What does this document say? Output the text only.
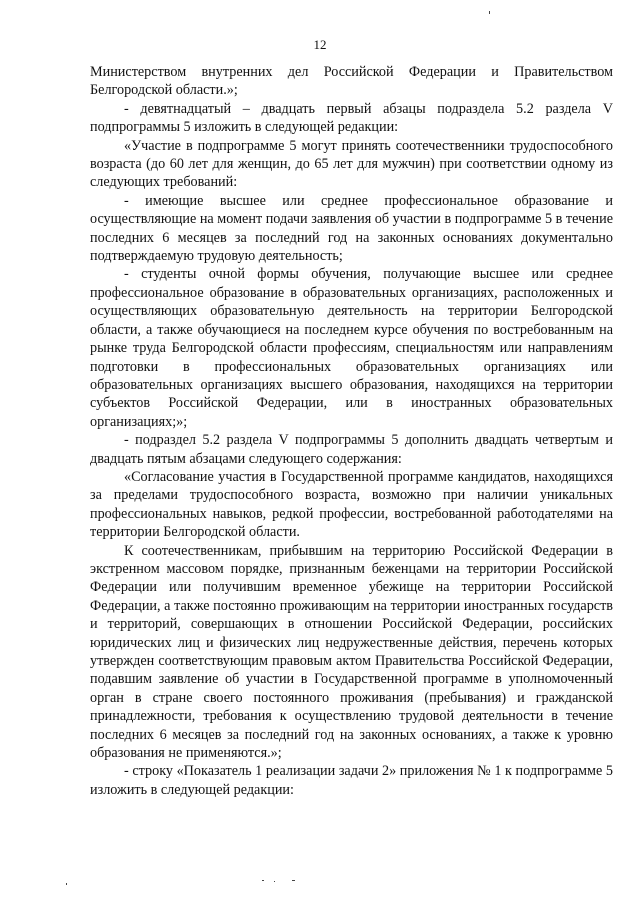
12

Министерством внутренних дел Российской Федерации и Правительством Белгородской области.»;

- девятнадцатый – двадцать первый абзацы подраздела 5.2 раздела V подпрограммы 5 изложить в следующей редакции:

«Участие в подпрограмме 5 могут принять соотечественники трудоспособного возраста (до 60 лет для женщин, до 65 лет для мужчин) при соответствии одному из следующих требований:

- имеющие высшее или среднее профессиональное образование и осуществляющие на момент подачи заявления об участии в подпрограмме 5 в течение последних 6 месяцев за последний год на законных основаниях документально подтверждаемую трудовую деятельность;

- студенты очной формы обучения, получающие высшее или среднее профессиональное образование в образовательных организациях, расположенных и осуществляющих образовательную деятельность на территории Белгородской области, а также обучающиеся на последнем курсе обучения по востребованным на рынке труда Белгородской области профессиям, специальностям или направлениям подготовки в профессиональных образовательных организациях или образовательных организациях высшего образования, находящихся на территории субъектов Российской Федерации, или в иностранных образовательных организациях;»;

- подраздел 5.2 раздела V подпрограммы 5 дополнить двадцать четвертым и двадцать пятым абзацами следующего содержания:

«Согласование участия в Государственной программе кандидатов, находящихся за пределами трудоспособного возраста, возможно при наличии уникальных профессиональных навыков, редкой профессии, востребованной работодателями на территории Белгородской области.

К соотечественникам, прибывшим на территорию Российской Федерации в экстренном массовом порядке, признанным беженцами на территории Российской Федерации или получившим временное убежище на территории Российской Федерации, а также постоянно проживающим на территории иностранных государств и территорий, совершающих в отношении Российской Федерации, российских юридических лиц и физических лиц недружественные действия, перечень которых утвержден соответствующим правовым актом Правительства Российской Федерации, подавшим заявление об участии в Государственной программе в уполномоченный орган в стране своего постоянного проживания (пребывания) и гражданской принадлежности, требования к осуществлению трудовой деятельности в течение последних 6 месяцев за последний год на законных основаниях, а также к уровню образования не применяются.»;

- строку «Показатель 1 реализации задачи 2» приложения № 1 к подпрограмме 5 изложить в следующей редакции:
